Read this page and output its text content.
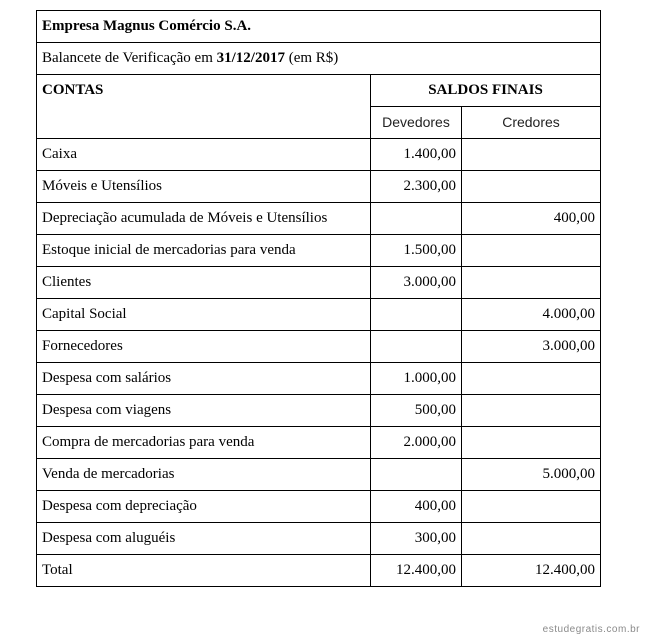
Empresa Magnus Comércio S.A.		
Balancete de Verificação em 31/12/2017 (em R$)		
CONTAS	SALDOS FINAIS	
	Devedores	Credores
Caixa	1.400,00	
Móveis e Utensílios	2.300,00	
Depreciação acumulada de Móveis e Utensílios		400,00
Estoque inicial de mercadorias para venda	1.500,00	
Clientes	3.000,00	
Capital Social		4.000,00
Fornecedores		3.000,00
Despesa com salários	1.000,00	
Despesa com viagens	500,00	
Compra de mercadorias para venda	2.000,00	
Venda de mercadorias		5.000,00
Despesa com depreciação	400,00	
Despesa com aluguéis	300,00	
Total	12.400,00	12.400,00
estudegratis.com.br
